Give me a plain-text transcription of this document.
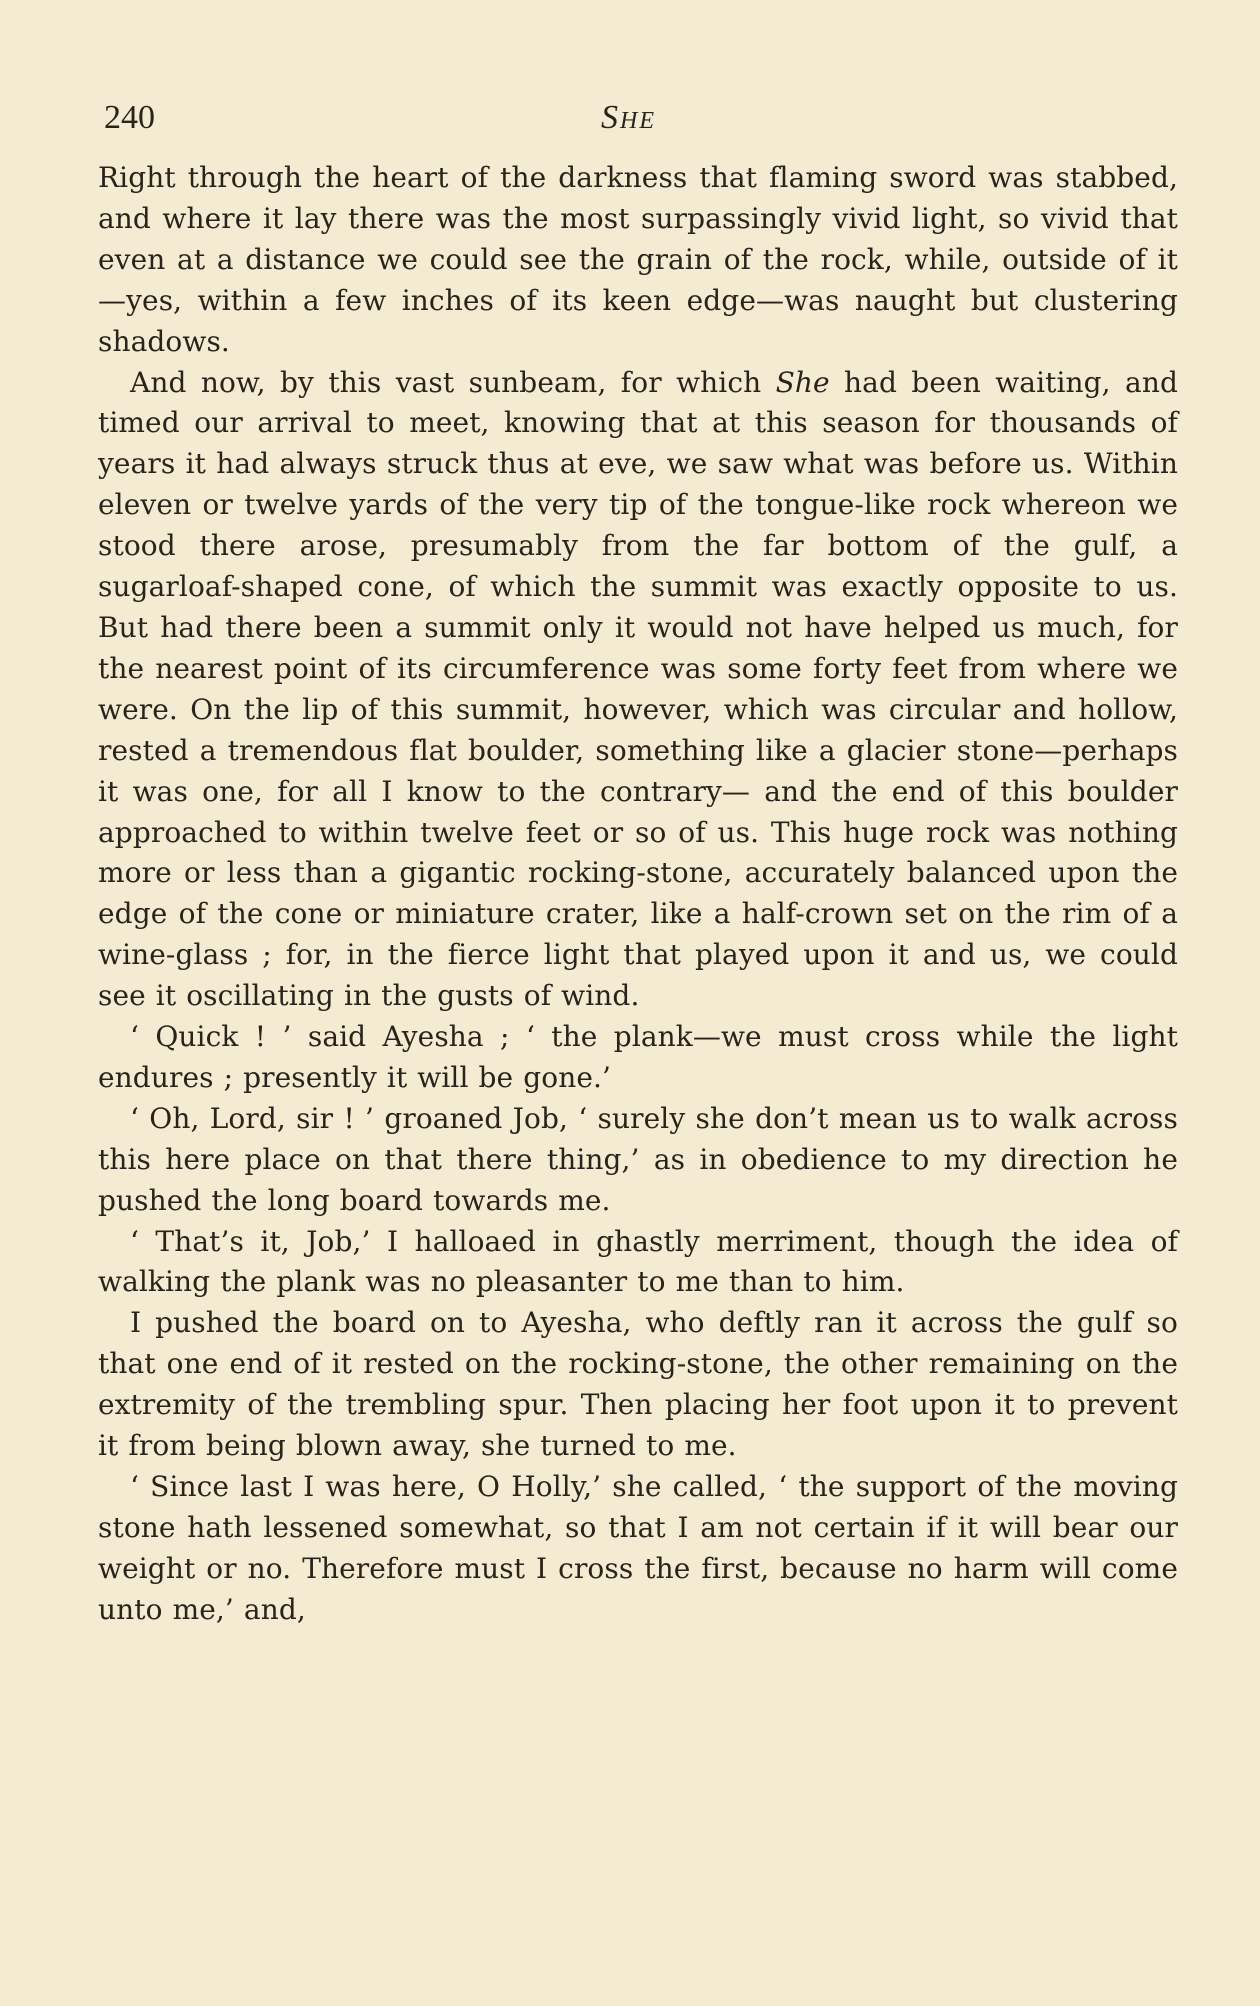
240	She

Right through the heart of the darkness that flaming sword was stabbed, and where it lay there was the most surpassingly vivid light, so vivid that even at a distance we could see the grain of the rock, while, outside of it—yes, within a few inches of its keen edge—was naught but clustering shadows.

And now, by this vast sunbeam, for which She had been waiting, and timed our arrival to meet, knowing that at this season for thousands of years it had always struck thus at eve, we saw what was before us. Within eleven or twelve yards of the very tip of the tongue-like rock whereon we stood there arose, presumably from the far bottom of the gulf, a sugarloaf-shaped cone, of which the summit was exactly opposite to us. But had there been a summit only it would not have helped us much, for the nearest point of its circumference was some forty feet from where we were. On the lip of this summit, however, which was circular and hollow, rested a tremendous flat boulder, something like a glacier stone—perhaps it was one, for all I know to the contrary— and the end of this boulder approached to within twelve feet or so of us. This huge rock was nothing more or less than a gigantic rocking-stone, accurately balanced upon the edge of the cone or miniature crater, like a half-crown set on the rim of a wine-glass ; for, in the fierce light that played upon it and us, we could see it oscillating in the gusts of wind.

‘ Quick ! ’ said Ayesha ; ‘ the plank—we must cross while the light endures ; presently it will be gone.’

‘ Oh, Lord, sir ! ’ groaned Job, ‘ surely she don’t mean us to walk across this here place on that there thing,’ as in obedience to my direction he pushed the long board towards me.

‘ That’s it, Job,’ I halloaed in ghastly merriment, though the idea of walking the plank was no pleasanter to me than to him.

I pushed the board on to Ayesha, who deftly ran it across the gulf so that one end of it rested on the rocking-stone, the other remaining on the extremity of the trembling spur. Then placing her foot upon it to prevent it from being blown away, she turned to me.

‘ Since last I was here, O Holly,’ she called, ‘ the support of the moving stone hath lessened somewhat, so that I am not certain if it will bear our weight or no. Therefore must I cross the first, because no harm will come unto me,’ and,
